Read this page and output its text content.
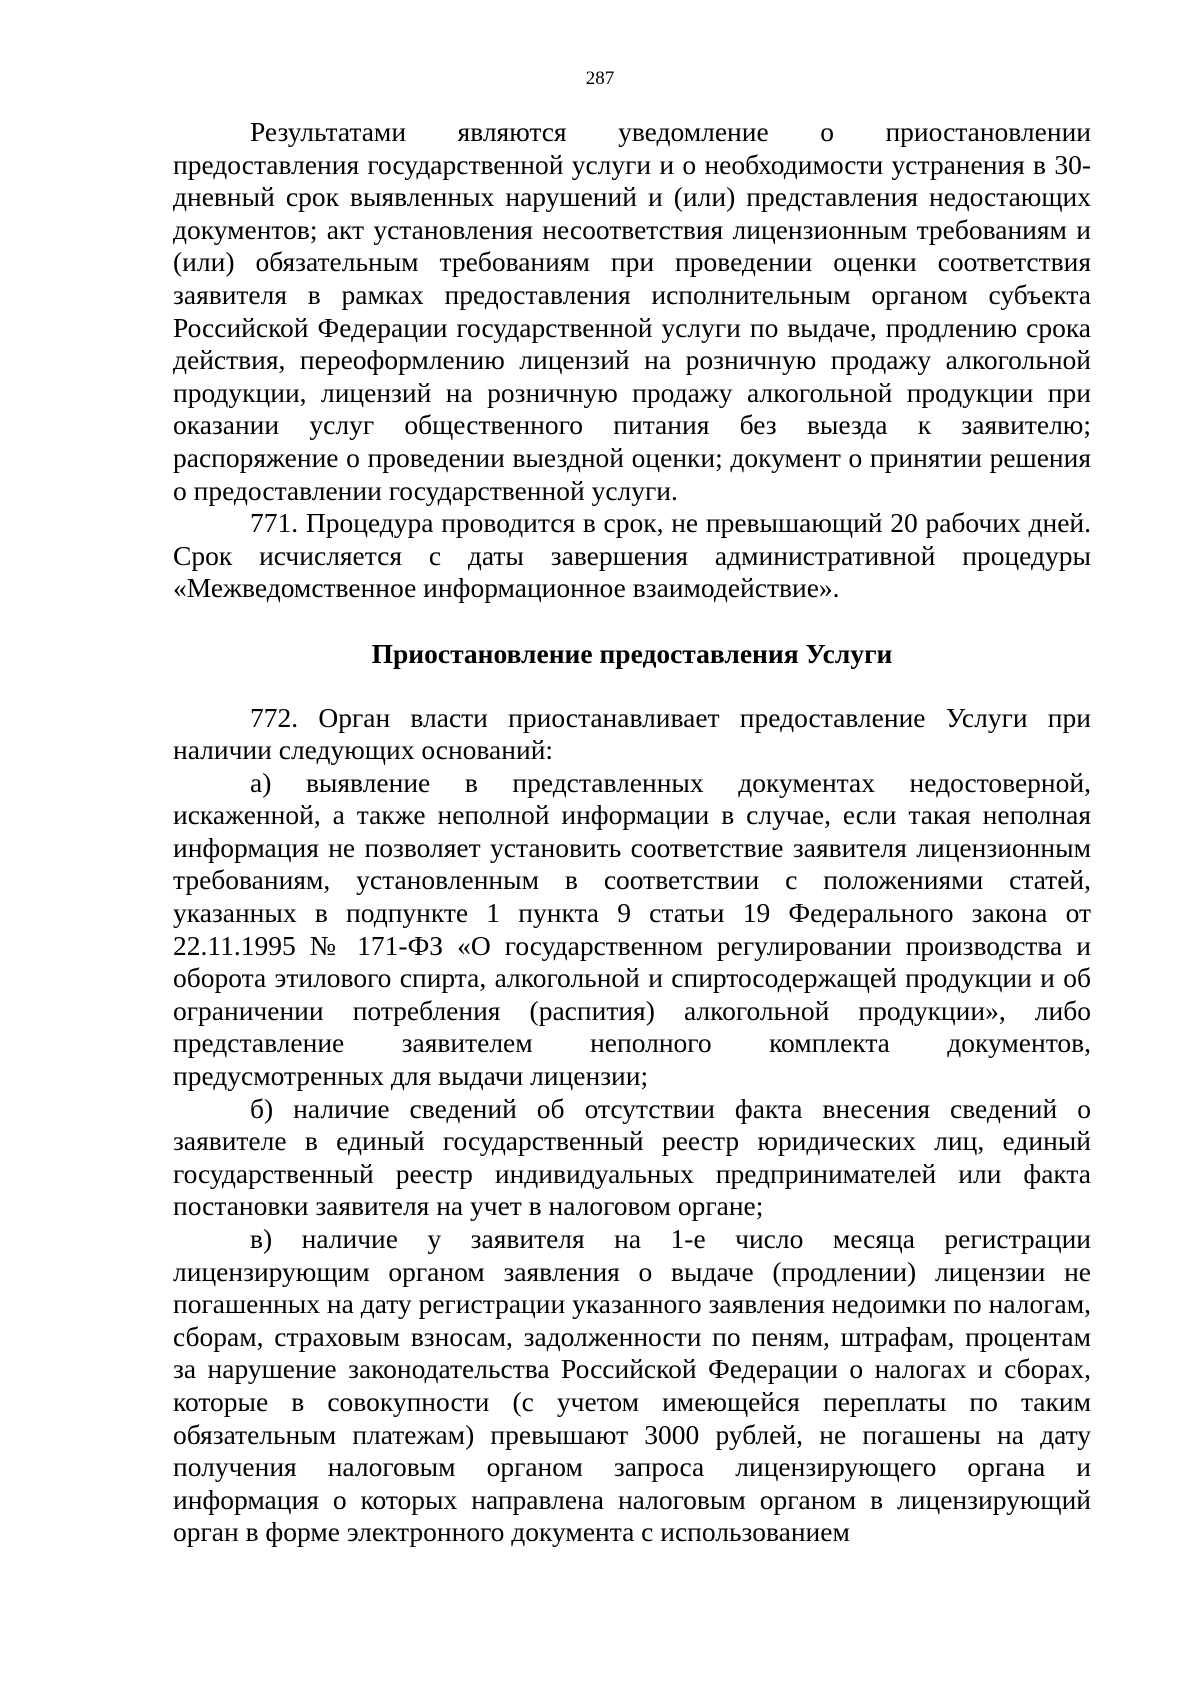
287

Результатами являются уведомление о приостановлении предоставления государственной услуги и о необходимости устранения в 30-дневный срок выявленных нарушений и (или) представления недостающих документов; акт установления несоответствия лицензионным требованиям и (или) обязательным требованиям при проведении оценки соответствия заявителя в рамках предоставления исполнительным органом субъекта Российской Федерации государственной услуги по выдаче, продлению срока действия, переоформлению лицензий на розничную продажу алкогольной продукции, лицензий на розничную продажу алкогольной продукции при оказании услуг общественного питания без выезда к заявителю; распоряжение о проведении выездной оценки; документ о принятии решения о предоставлении государственной услуги.

771. Процедура проводится в срок, не превышающий 20 рабочих дней. Срок исчисляется с даты завершения административной процедуры «Межведомственное информационное взаимодействие».

Приостановление предоставления Услуги

772. Орган власти приостанавливает предоставление Услуги при наличии следующих оснований:

а) выявление в представленных документах недостоверной, искаженной, а также неполной информации в случае, если такая неполная информация не позволяет установить соответствие заявителя лицензионным требованиям, установленным в соответствии с положениями статей, указанных в подпункте 1 пункта 9 статьи 19 Федерального закона от 22.11.1995 № 171-ФЗ «О государственном регулировании производства и оборота этилового спирта, алкогольной и спиртосодержащей продукции и об ограничении потребления (распития) алкогольной продукции», либо представление заявителем неполного комплекта документов, предусмотренных для выдачи лицензии;

б) наличие сведений об отсутствии факта внесения сведений о заявителе в единый государственный реестр юридических лиц, единый государственный реестр индивидуальных предпринимателей или факта постановки заявителя на учет в налоговом органе;

в) наличие у заявителя на 1-е число месяца регистрации лицензирующим органом заявления о выдаче (продлении) лицензии не погашенных на дату регистрации указанного заявления недоимки по налогам, сборам, страховым взносам, задолженности по пеням, штрафам, процентам за нарушение законодательства Российской Федерации о налогах и сборах, которые в совокупности (с учетом имеющейся переплаты по таким обязательным платежам) превышают 3000 рублей, не погашены на дату получения налоговым органом запроса лицензирующего органа и информация о которых направлена налоговым органом в лицензирующий орган в форме электронного документа с использованием
